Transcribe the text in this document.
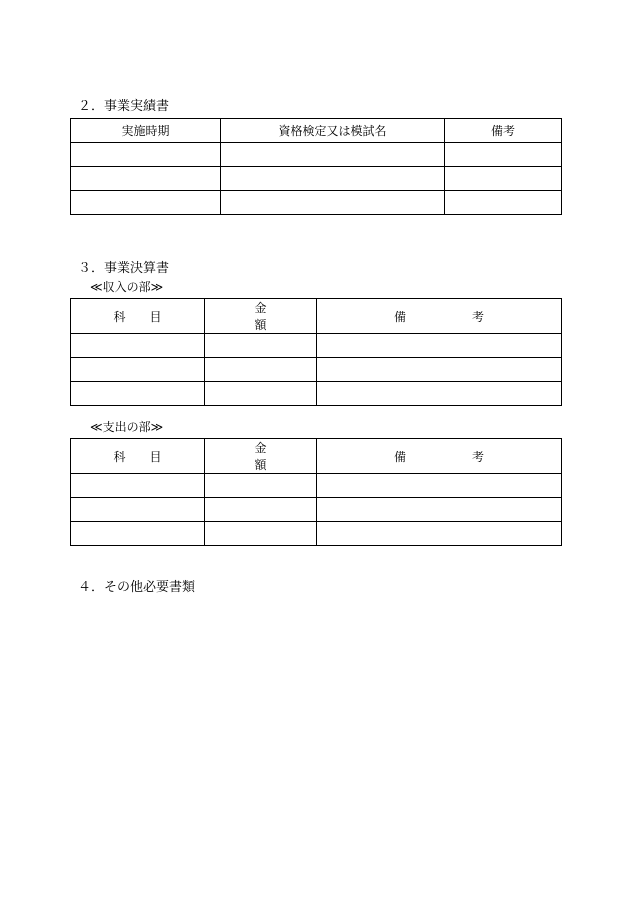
２．事業実績書
実施時期	資格検定又は模試名	備考

３．事業決算書
≪収入の部≫
科目	金額	備考

≪支出の部≫
科目	金額	備考

４．その他必要書類
